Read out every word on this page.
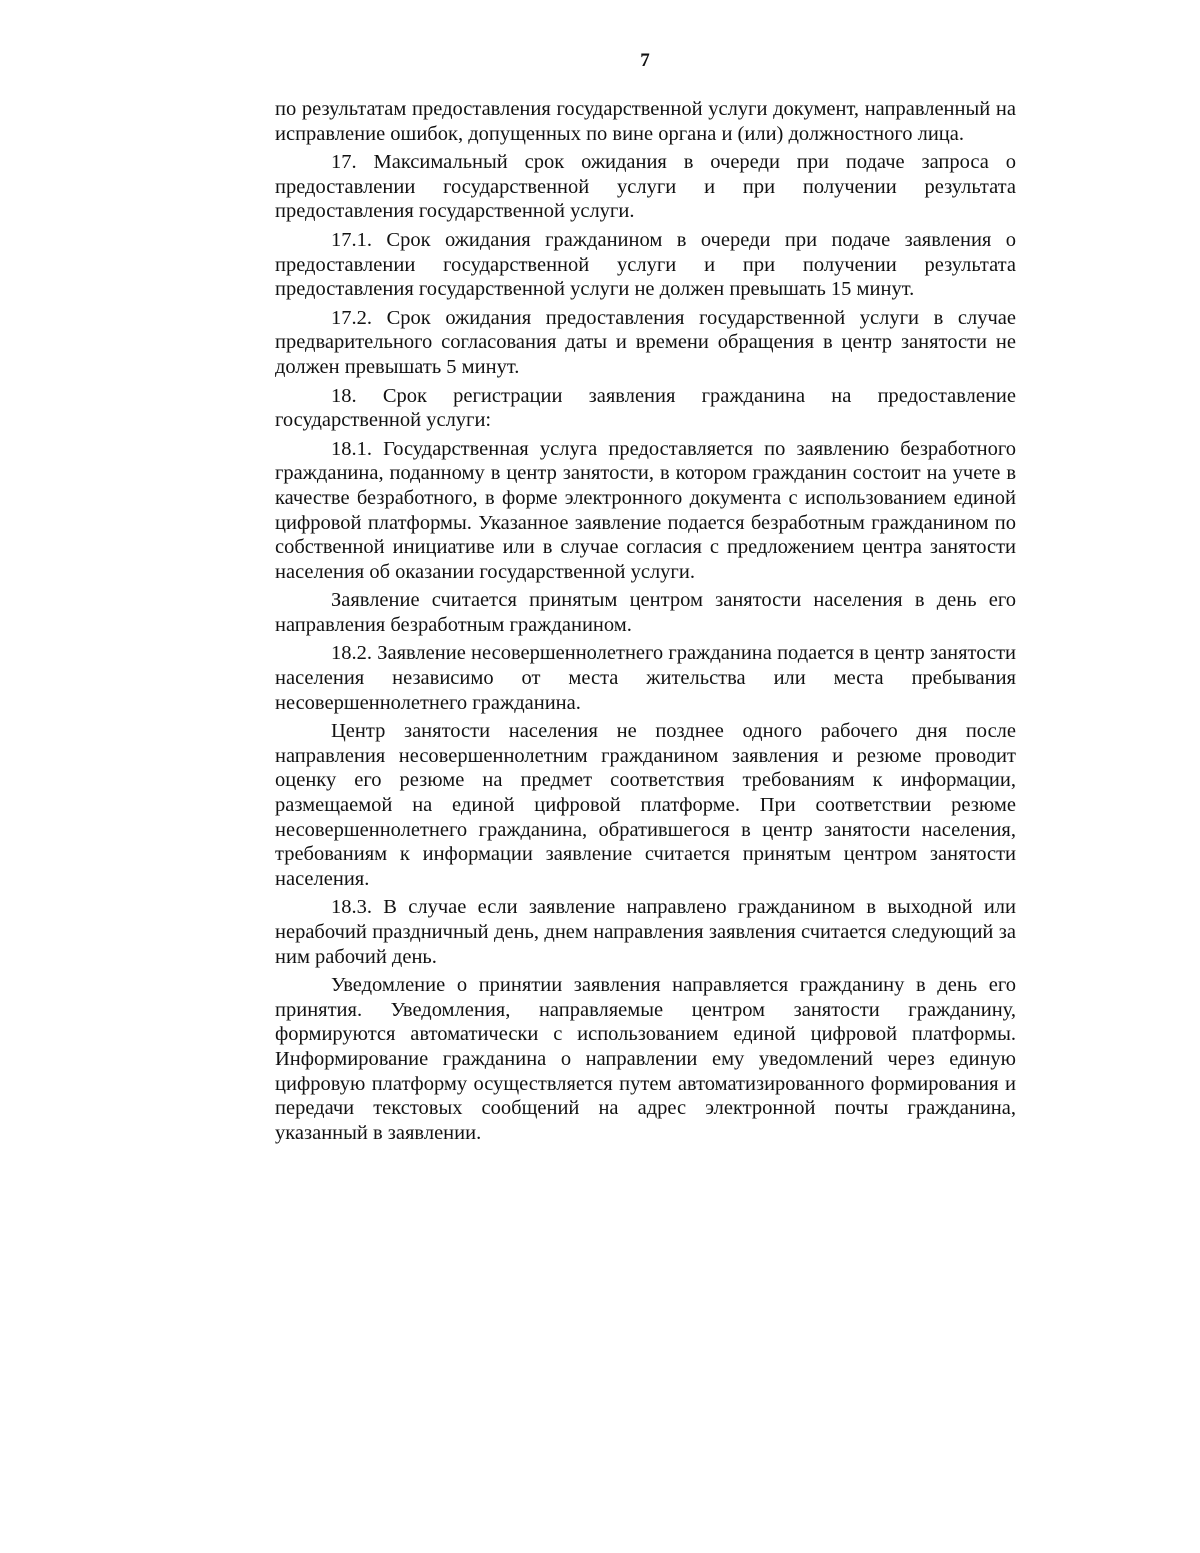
7

по результатам предоставления государственной услуги документ, направленный на исправление ошибок, допущенных по вине органа и (или) должностного лица.

17. Максимальный срок ожидания в очереди при подаче запроса о предоставлении государственной услуги и при получении результата предоставления государственной услуги.

17.1. Срок ожидания гражданином в очереди при подаче заявления о предоставлении государственной услуги и при получении результата предоставления государственной услуги не должен превышать 15 минут.

17.2. Срок ожидания предоставления государственной услуги в случае предварительного согласования даты и времени обращения в центр занятости не должен превышать 5 минут.

18. Срок регистрации заявления гражданина на предоставление государственной услуги:

18.1. Государственная услуга предоставляется по заявлению безработного гражданина, поданному в центр занятости, в котором гражданин состоит на учете в качестве безработного, в форме электронного документа с использованием единой цифровой платформы. Указанное заявление подается безработным гражданином по собственной инициативе или в случае согласия с предложением центра занятости населения об оказании государственной услуги.

Заявление считается принятым центром занятости населения в день его направления безработным гражданином.

18.2. Заявление несовершеннолетнего гражданина подается в центр занятости населения независимо от места жительства или места пребывания несовершеннолетнего гражданина.

Центр занятости населения не позднее одного рабочего дня после направления несовершеннолетним гражданином заявления и резюме проводит оценку его резюме на предмет соответствия требованиям к информации, размещаемой на единой цифровой платформе. При соответствии резюме несовершеннолетнего гражданина, обратившегося в центр занятости населения, требованиям к информации заявление считается принятым центром занятости населения.

18.3. В случае если заявление направлено гражданином в выходной или нерабочий праздничный день, днем направления заявления считается следующий за ним рабочий день.

Уведомление о принятии заявления направляется гражданину в день его принятия. Уведомления, направляемые центром занятости гражданину, формируются автоматически с использованием единой цифровой платформы. Информирование гражданина о направлении ему уведомлений через единую цифровую платформу осуществляется путем автоматизированного формирования и передачи текстовых сообщений на адрес электронной почты гражданина, указанный в заявлении.
